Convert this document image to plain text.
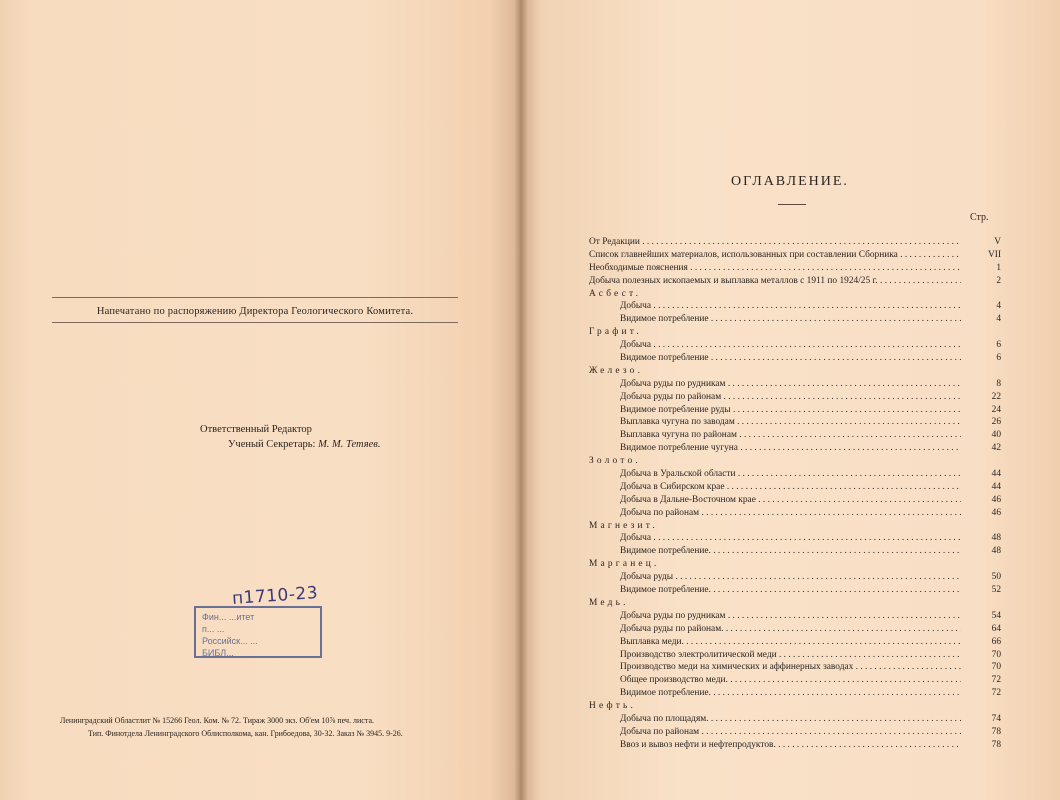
Напечатано по распоряжению Директора Геологического Комитета.
Ответственный Редактор
Ученый Секретарь: М. М. Тетяев.
п1710-23
Фин... ...итет
п... ...
Российск... ...
БИБЛ...
Ленинградский Областлит № 15266 Геол. Ком. № 72. Тираж 3000 экз. Об'ем 10⅞ печ. листа.
Тип. Финотдела Ленинградского Облисполкома, кан. Грибоедова, 30-32. Заказ № 3945. 9-26.
ОГЛАВЛЕНИЕ.
Стр.
От Редакции . . .	V
Список главнейших материалов, использованных при составлении Сборника . . .	VII
Необходимые пояснения . . .	1
Добыча полезных ископаемых и выплавка металлов с 1911 по 1924/25 г. . . .	2
Асбест.
Добыча . . .	4
Видимое потребление . . .	4
Графит.
Добыча . . .	6
Видимое потребление . . .	6
Железо.
Добыча руды по рудникам . . .	8
Добыча руды по районам . . .	22
Видимое потребление руды . . .	24
Выплавка чугуна по заводам . . .	26
Выплавка чугуна по районам . . .	40
Видимое потребление чугуна . . .	42
Золото.
Добыча в Уральской области . . .	44
Добыча в Сибирском крае . . .	44
Добыча в Дальне-Восточном крае . . .	46
Добыча по районам . . .	46
Магнезит.
Добыча . . .	48
Видимое потребление. . . .	48
Марганец.
Добыча руды . . .	50
Видимое потребление. . . .	52
Медь.
Добыча руды по рудникам . . .	54
Добыча руды по районам. . . .	64
Выплавка меди. . . .	66
Производство электролитической меди . . .	70
Производство меди на химических и аффинерных заводах . . .	70
Общее производство меди. . . .	72
Видимое потребление. . . .	72
Нефть.
Добыча по площадям. . . .	74
Добыча по районам . . .	78
Ввоз и вывоз нефти и нефтепродуктов. . . .	78
